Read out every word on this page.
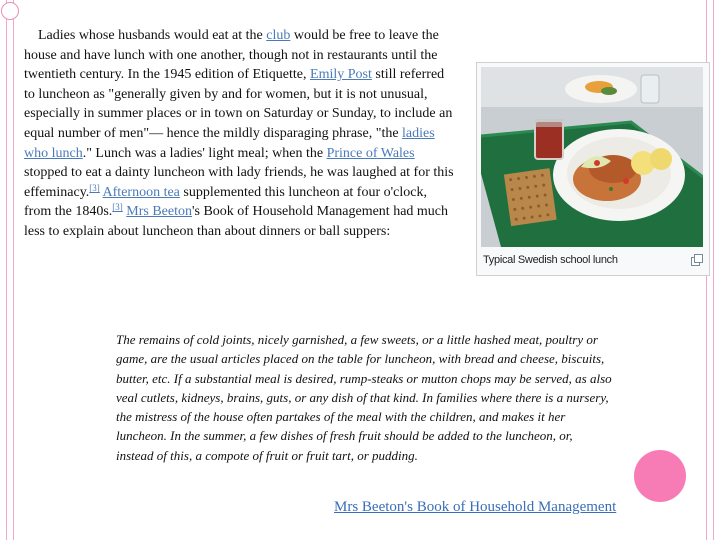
Ladies whose husbands would eat at the club would be free to leave the house and have lunch with one another, though not in restaurants until the twentieth century. In the 1945 edition of Etiquette, Emily Post still referred to luncheon as "generally given by and for women, but it is not unusual, especially in summer places or in town on Saturday or Sunday, to include an equal number of men"— hence the mildly disparaging phrase, "the ladies who lunch." Lunch was a ladies' light meal; when the Prince of Wales stopped to eat a dainty luncheon with lady friends, he was laughed at for this effeminacy.[3] Afternoon tea supplemented this luncheon at four o'clock, from the 1840s.[3] Mrs Beeton's Book of Household Management had much less to explain about luncheon than about dinners or ball suppers:
Typical Swedish school lunch
The remains of cold joints, nicely garnished, a few sweets, or a little hashed meat, poultry or game, are the usual articles placed on the table for luncheon, with bread and cheese, biscuits, butter, etc. If a substantial meal is desired, rump-steaks or mutton chops may be served, as also veal cutlets, kidneys, brains, guts, or any dish of that kind. In families where there is a nursery, the mistress of the house often partakes of the meal with the children, and makes it her luncheon. In the summer, a few dishes of fresh fruit should be added to the luncheon, or, instead of this, a compote of fruit or fruit tart, or pudding.
Mrs Beeton's Book of Household Management
